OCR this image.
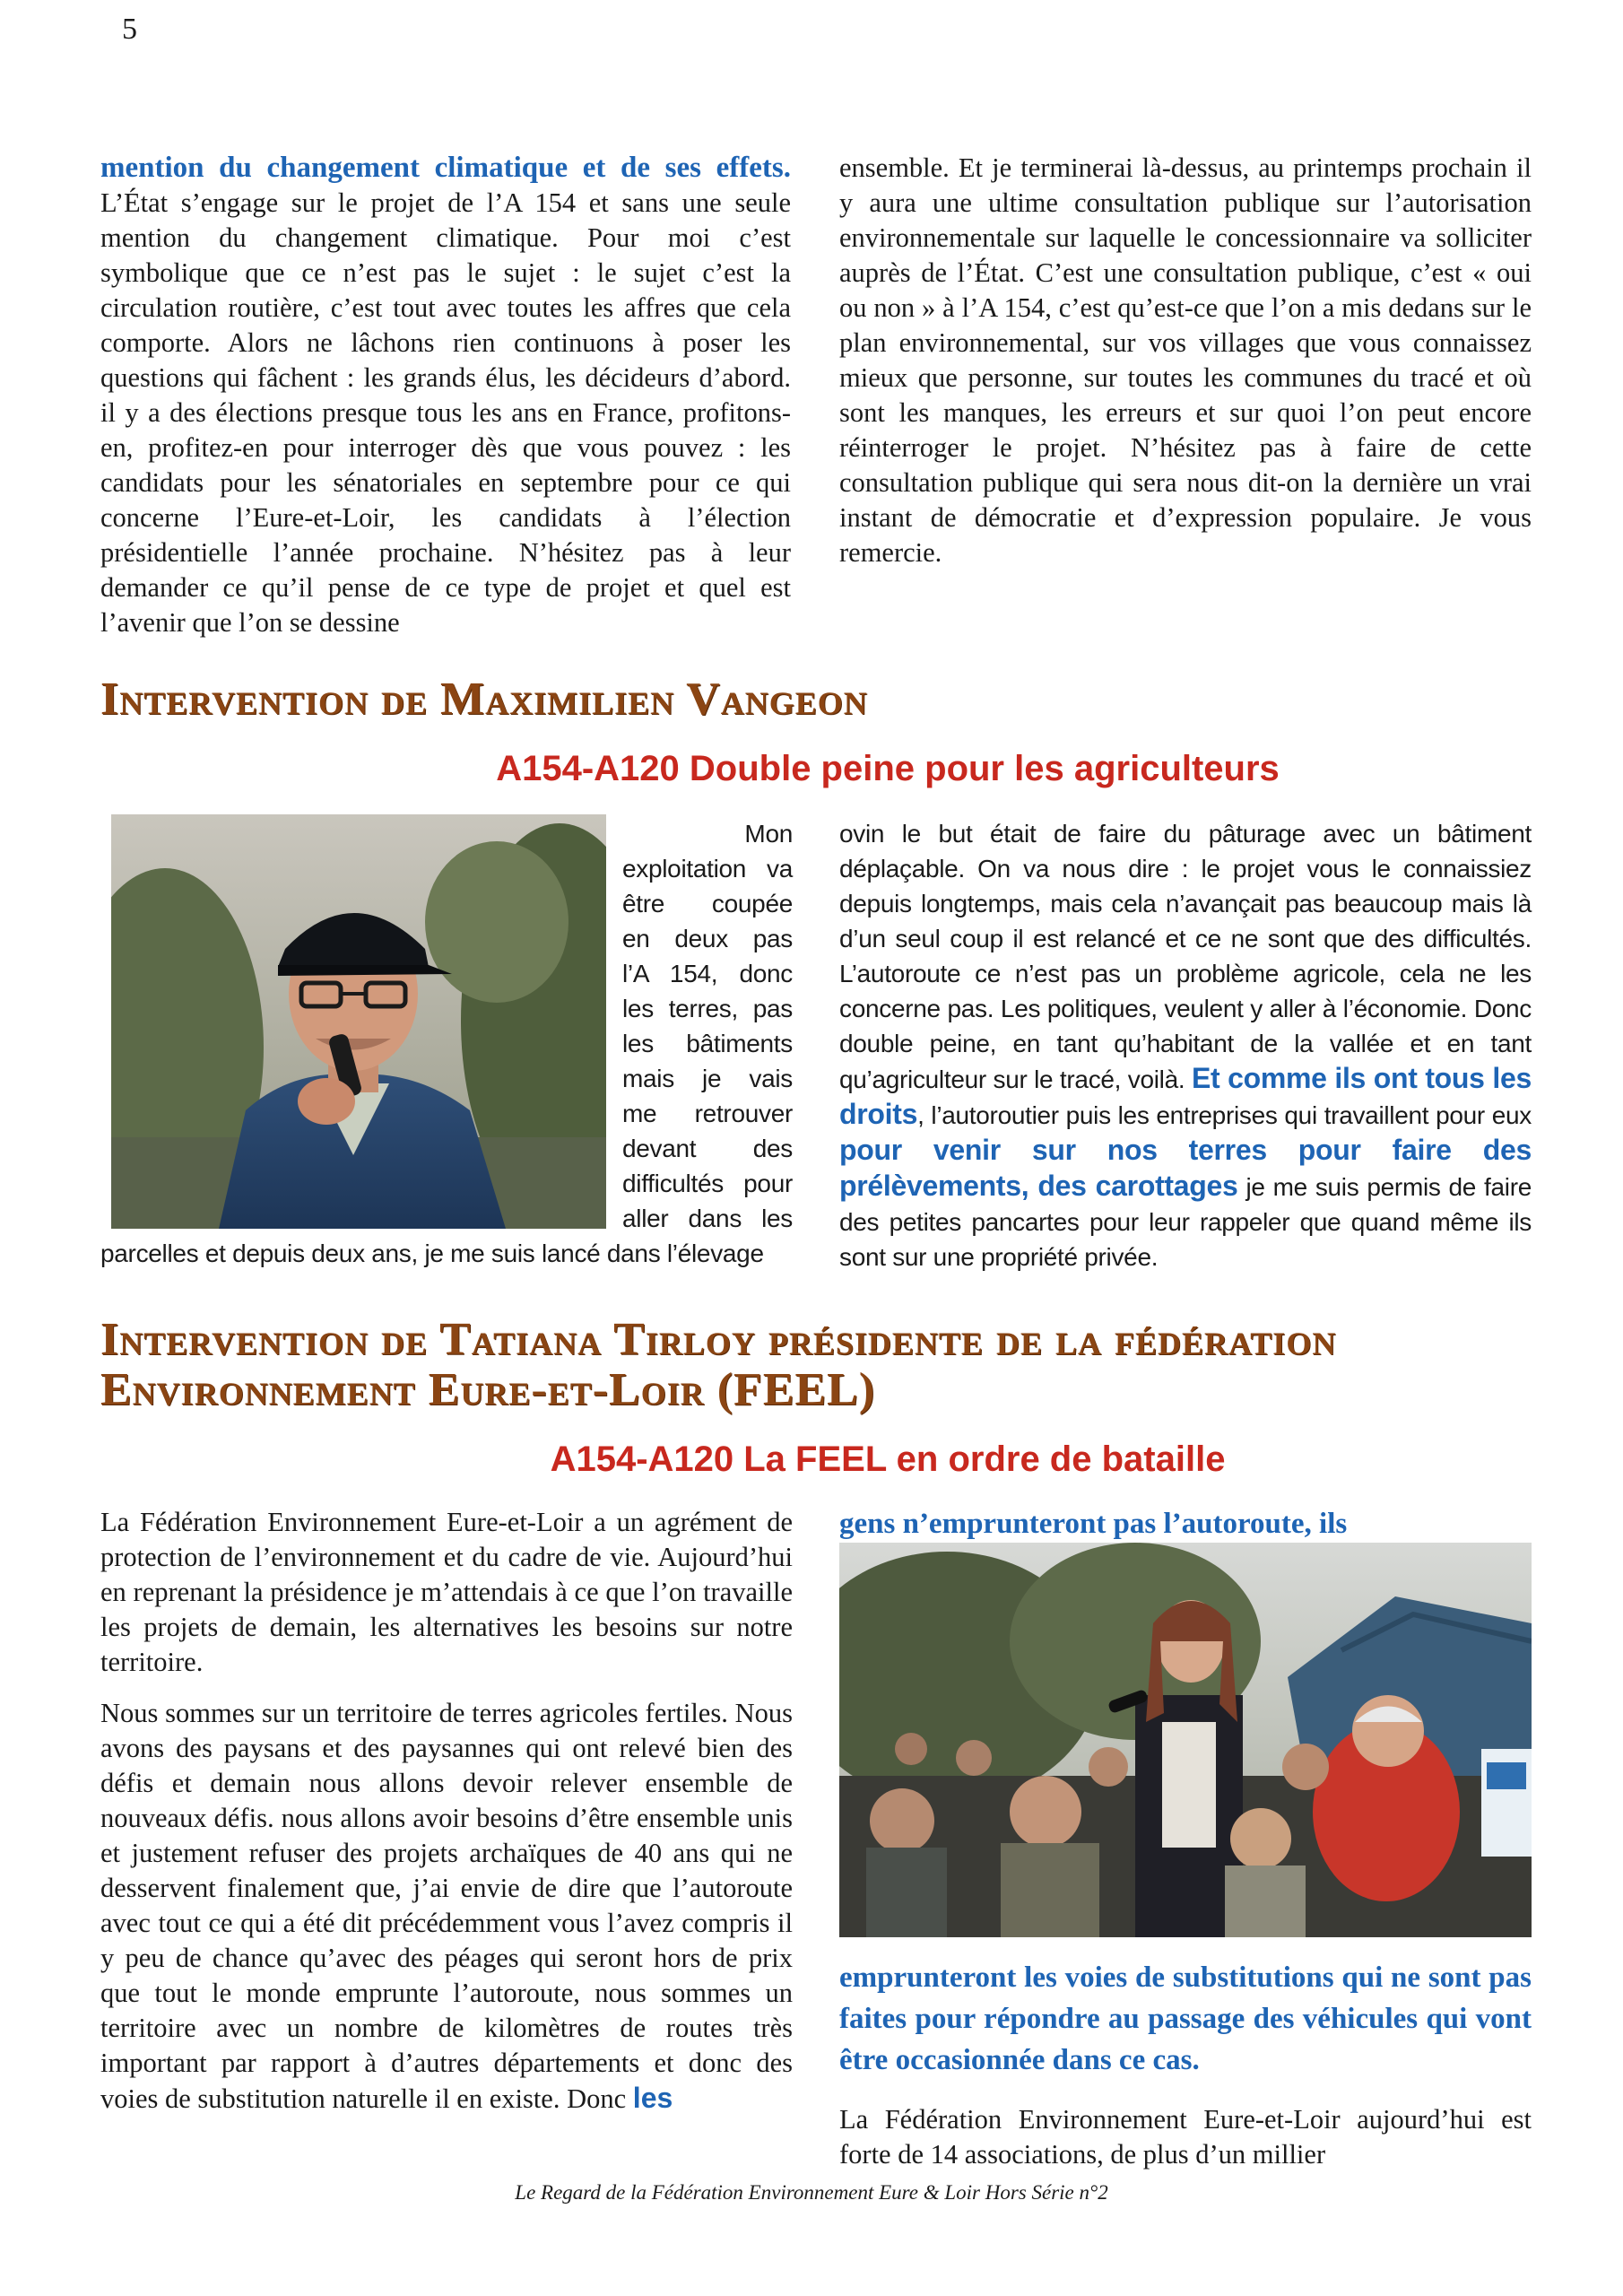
5

mention du changement climatique et de ses effets. L’État s’engage sur le projet de l’A 154 et sans une seule mention du changement climatique. Pour moi c’est symbolique que ce n’est pas le sujet : le sujet c’est la circulation routière, c’est tout avec toutes les affres que cela comporte. Alors ne lâchons rien continuons à poser les questions qui fâchent : les grands élus, les décideurs d’abord. il y a des élections presque tous les ans en France, profitons-en, profitez-en pour interroger dès que vous pouvez : les candidats pour les sénatoriales en septembre pour ce qui concerne l’Eure-et-Loir, les candidats à l’élection présidentielle l’année prochaine. N’hésitez pas à leur demander ce qu’il pense de ce type de projet et quel est l’avenir que l’on se dessine

ensemble. Et je terminerai là-dessus, au printemps prochain il y aura une ultime consultation publique sur l’autorisation environnementale sur laquelle le concessionnaire va solliciter auprès de l’État. C’est une consultation publique, c’est « oui ou non » à l’A 154, c’est qu’est-ce que l’on a mis dedans sur le plan environnemental, sur vos villages que vous connaissez mieux que personne, sur toutes les communes du tracé et où sont les manques, les erreurs et sur quoi l’on peut encore réinterroger le projet. N’hésitez pas à faire de cette consultation publique qui sera nous dit-on la dernière un vrai instant de démocratie et d’expression populaire. Je vous remercie.

Intervention de Maximilien Vangeon
A154-A120 Double peine pour les agriculteurs
Mon
exploitation va
être coupée
en deux pas
l’A 154, donc
les terres, pas
les bâtiments
mais je vais
me retrouver
devant des
difficultés pour
aller dans les
parcelles et depuis deux ans, je me suis lancé dans l’élevage
ovin le but était de faire du pâturage avec un bâtiment déplaçable. On va nous dire : le projet vous le connaissiez depuis longtemps, mais cela n’avançait pas beaucoup mais là d’un seul coup il est relancé et ce ne sont que des difficultés. L’autoroute ce n’est pas un problème agricole, cela ne les concerne pas. Les politiques, veulent y aller à l’économie. Donc double peine, en tant qu’habitant de la vallée et en tant qu’agriculteur sur le tracé, voilà. Et comme ils ont tous les droits, l’autoroutier puis les entreprises qui travaillent pour eux pour venir sur nos terres pour faire des prélèvements, des carottages je me suis permis de faire des petites pancartes pour leur rappeler que quand même ils sont sur une propriété privée.
Intervention de Tatiana Tirloy présidente de la fédération
Environnement Eure-et-Loir (FEEL)
A154-A120 La FEEL en ordre de bataille

La Fédération Environnement Eure-et-Loir a un agrément de protection de l’environnement et du cadre de vie. Aujourd’hui en reprenant la présidence je m’attendais à ce que l’on travaille les projets de demain, les alternatives les besoins sur notre territoire.

Nous sommes sur un territoire de terres agricoles fertiles. Nous avons des paysans et des paysannes qui ont relevé bien des défis et demain nous allons devoir relever ensemble de nouveaux défis. nous allons avoir besoins d’être ensemble unis et justement refuser des projets archaïques de 40 ans qui ne desservent finalement que, j’ai envie de dire que l’autoroute avec tout ce qui a été dit précédemment vous l’avez compris il y peu de chance qu’avec des péages qui seront hors de prix que tout le monde emprunte l’autoroute, nous sommes un territoire avec un nombre de kilomètres de routes très important par rapport à d’autres départements et donc des voies de substitution naturelle il en existe. Donc les

gens n’emprunteront pas l’autoroute, ils
emprunteront les voies de substitutions qui ne sont pas faites pour répondre au passage des véhicules qui vont être occasionnée dans ce cas.
La Fédération Environnement Eure-et-Loir aujourd’hui est forte de 14 associations, de plus d’un millier
Le Regard de la Fédération Environnement Eure & Loir Hors Série n°2
